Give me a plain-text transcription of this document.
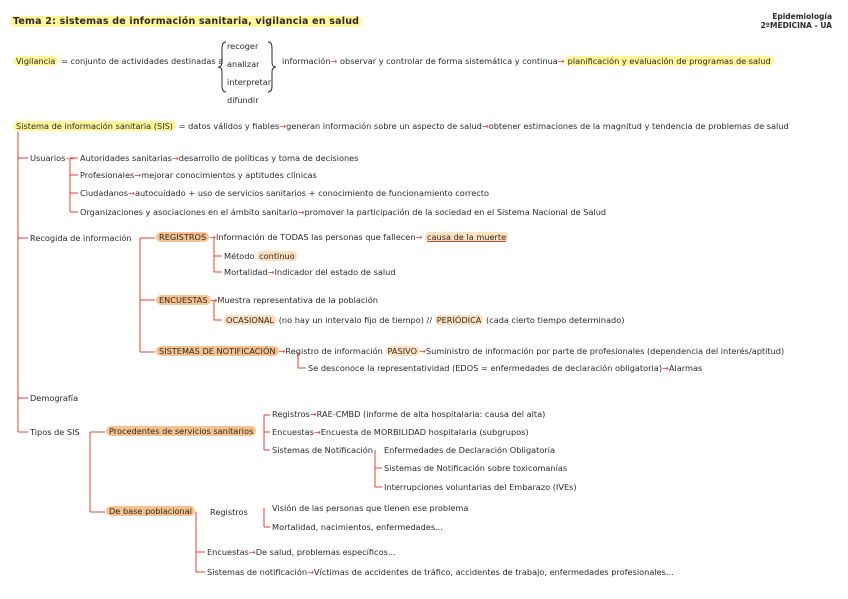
Tema 2: sistemas de información sanitaria, vigilancia en salud	Epidemiología
2ºMEDICINA - UA
Vigilancia = conjunto de actividades destinadas a
recoger
analizar
interpretar
difundir
información→ observar y controlar de forma sistemática y continua→ planificación y evaluación de programas de salud
Sistema de información sanitaria (SIS) = datos válidos y fiables→generan información sobre un aspecto de salud→obtener estimaciones de la magnitud y tendencia de problemas de salud
Usuarios— Autoridades sanitarias→desarrollo de políticas y toma de decisiones
Profesionales→mejorar conocimientos y aptitudes clínicas
Ciudadanos→autocuidado + uso de servicios sanitarios + conocimiento de funcionamiento correcto
Organizaciones y asociaciones en el ámbito sanitario→promover la participación de la sociedad en el Sistema Nacional de Salud
Recogida de información	REGISTROS →Información de TODAS las personas que fallecen→ causa de la muerte
Método continuo
Mortalidad→Indicador del estado de salud
ENCUESTAS →Muestra representativa de la población
OCASIONAL (no hay un intervalo fijo de tiempo) // PERIÓDICA (cada cierto tiempo determinado)
SISTEMAS DE NOTIFICACIÓN →Registro de información PASIVO →Suministro de información por parte de profesionales (dependencia del interés/aptitud)
Se desconoce la representatividad (EDOS = enfermedades de declaración obligatoria)→Alarmas
Demografía
Tipos de SIS	Procedentes de servicios sanitarios
Registros→RAE-CMBD (informe de alta hospitalaria: causa del alta)
Encuestas→Encuesta de MORBILIDAD hospitalaria (subgrupos)
Sistemas de Notificación Enfermedades de Declaración Obligatoria
Sistemas de Notificación sobre toxicomanías
Interrupciones voluntarias del Embarazo (IVEs)
De base poblacional	Registros	Visión de las personas que tienen ese problema
Mortalidad, nacimientos, enfermedades...
Encuestas→De salud, problemas específicos...
Sistemas de notificación→Víctimas de accidentes de tráfico, accidentes de trabajo, enfermedades profesionales...
